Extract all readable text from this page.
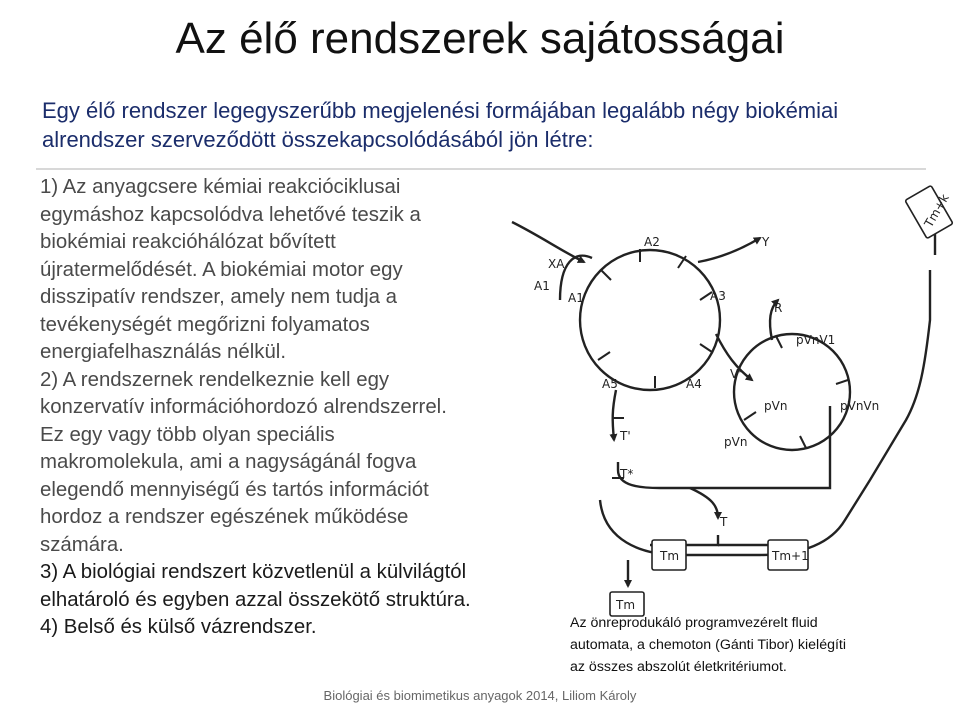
Az élő rendszerek sajátosságai

Egy élő rendszer legegyszerűbb megjelenési formájában legalább négy biokémiai
alrendszer szerveződött összekapcsolódásából jön létre:

1) Az anyagcsere kémiai reakcióciklusai

egymáshoz kapcsolódva lehetővé teszik a

biokémiai reakcióhálózat bővített

újratermelődését. A biokémiai motor egy

disszipatív rendszer, amely nem tudja a

tevékenységét megőrizni folyamatos

energiafelhasználás nélkül.

2) A rendszernek rendelkeznie kell egy

konzervatív információhordozó alrendszerrel.

Ez egy vagy több olyan speciális

makromolekula, ami a nagyságánál fogva

elegendő mennyiségű és tartós információt

hordoz a rendszer egészének működése

számára.

3) A biológiai rendszert közvetlenül a külvilágtól

elhatároló és egyben azzal összekötő struktúra.

4) Belső és külső vázrendszer.

XA
A1
A1
A2	Y
A3
A4
A5
R
pVnV1
V'
pVn
pVn
pVnVn
T'
T*
T
Tm	Tm+1
Tm
Tm+k
Az önreprodukáló programvezérelt fluid
automata, a chemoton (Gánti Tibor) kielégíti
az összes abszolút életkritériumot.
Biológiai és biomimetikus anyagok 2014, Liliom Károly
